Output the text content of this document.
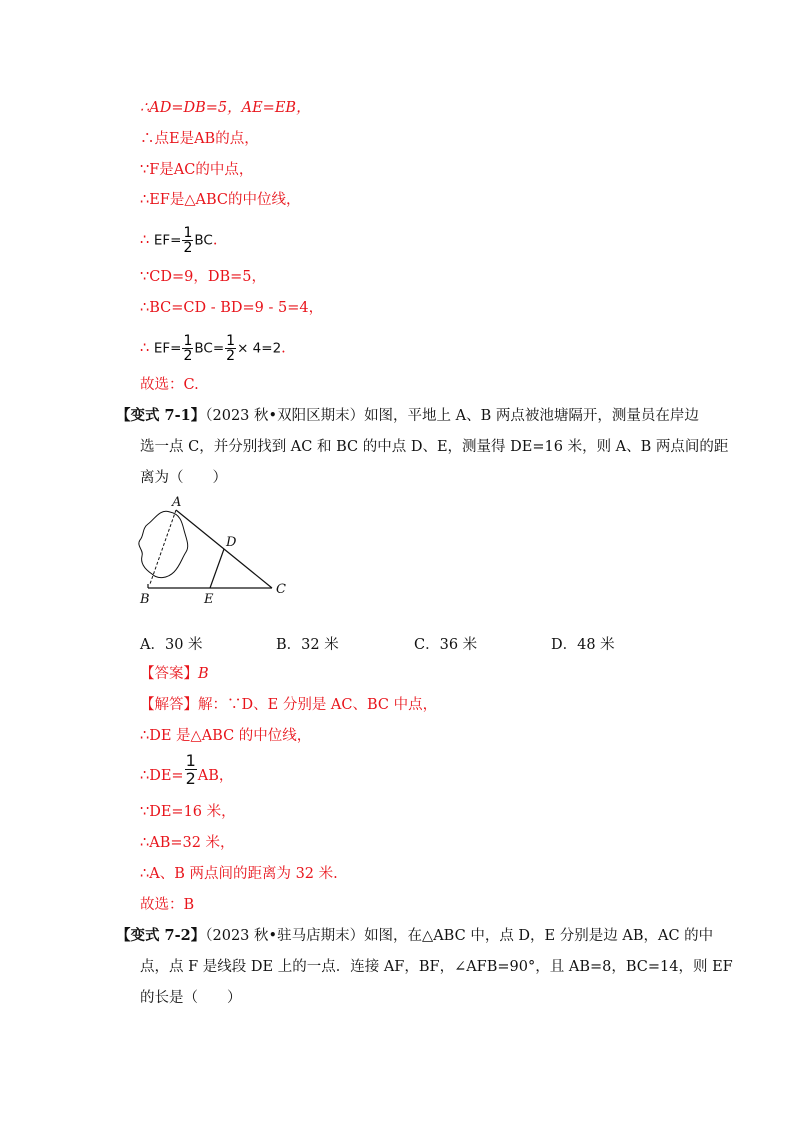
∴AD=DB=5，AE=EB，
∴点E是AB的点，
∵F是AC的中点，
∴EF是△ABC的中位线，
∴ $EF= \frac{1}{2}$ BC.
∵CD=9，DB=5，
∴BC=CD - BD=9 - 5=4，
∴ $EF= \frac{1}{2} BC= \frac{1}{2} \times 4=2$.
故选：C.
【变式 7-1】（2023 秋•双阳区期末）如图，平地上 A、B 两点被池塘隔开，测量员在岸边
选一点 C，并分别找到 AC 和 BC 的中点 D、E，测量得 DE=16 米，则 A、B 两点间的距
离为（　　）
A
B
C
D
E
A．30 米	B．32 米	C．36 米	D．48 米
【答案】B
【解答】解：∵D、E 分别是 AC、BC 中点，
∴DE 是△ABC 的中位线，
∴DE= $\frac{1}{2}$ AB，
∵DE=16 米，
∴AB=32 米，
∴A、B 两点间的距离为 32 米.
故选：B
【变式 7-2】（2023 秋•驻马店期末）如图，在△ABC 中，点 D，E 分别是边 AB，AC 的中
点，点 F 是线段 DE 上的一点．连接 AF，BF，∠AFB=90°，且 AB=8，BC=14，则 EF
的长是（　　）
